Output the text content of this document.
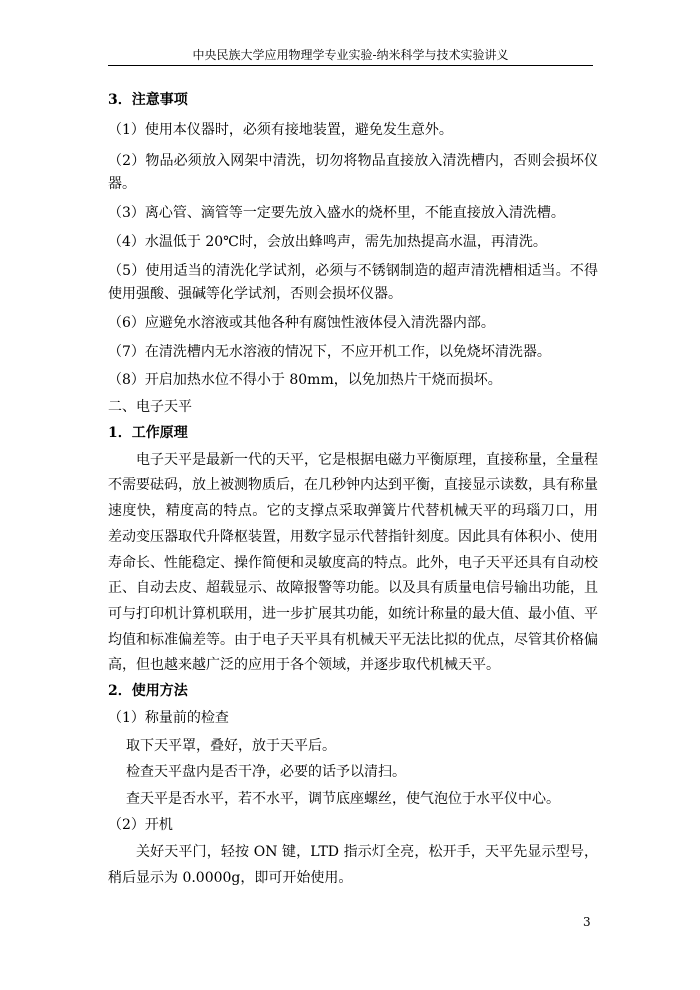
中央民族大学应用物理学专业实验-纳米科学与技术实验讲义
3．注意事项
（1）使用本仪器时，必须有接地装置，避免发生意外。
（2）物品必须放入网架中清洗，切勿将物品直接放入清洗槽内，否则会损坏仪
器。
（3）离心管、滴管等一定要先放入盛水的烧杯里，不能直接放入清洗槽。
（4）水温低于 20℃时，会放出蜂鸣声，需先加热提高水温，再清洗。
（5）使用适当的清洗化学试剂，必须与不锈钢制造的超声清洗槽相适当。不得
使用强酸、强碱等化学试剂，否则会损坏仪器。
（6）应避免水溶液或其他各种有腐蚀性液体侵入清洗器内部。
（7）在清洗槽内无水溶液的情况下，不应开机工作，以免烧坏清洗器。
（8）开启加热水位不得小于 80mm，以免加热片干烧而损坏。
二、电子天平
1．工作原理
电子天平是最新一代的天平，它是根据电磁力平衡原理，直接称量，全量程
不需要砝码，放上被测物质后，在几秒钟内达到平衡，直接显示读数，具有称量
速度快，精度高的特点。它的支撑点采取弹簧片代替机械天平的玛瑙刀口，用
差动变压器取代升降枢装置，用数字显示代替指针刻度。因此具有体积小、使用
寿命长、性能稳定、操作简便和灵敏度高的特点。此外，电子天平还具有自动校
正、自动去皮、超载显示、故障报警等功能。以及具有质量电信号输出功能，且
可与打印机计算机联用，进一步扩展其功能，如统计称量的最大值、最小值、平
均值和标准偏差等。由于电子天平具有机械天平无法比拟的优点，尽管其价格偏
高，但也越来越广泛的应用于各个领域，并逐步取代机械天平。
2．使用方法
（1）称量前的检查
取下天平罩，叠好，放于天平后。
检查天平盘内是否干净，必要的话予以清扫。
查天平是否水平，若不水平，调节底座螺丝，使气泡位于水平仪中心。
（2）开机
关好天平门，轻按 ON 键，LTD 指示灯全亮，松开手，天平先显示型号，
稍后显示为 0.0000g，即可开始使用。
3
